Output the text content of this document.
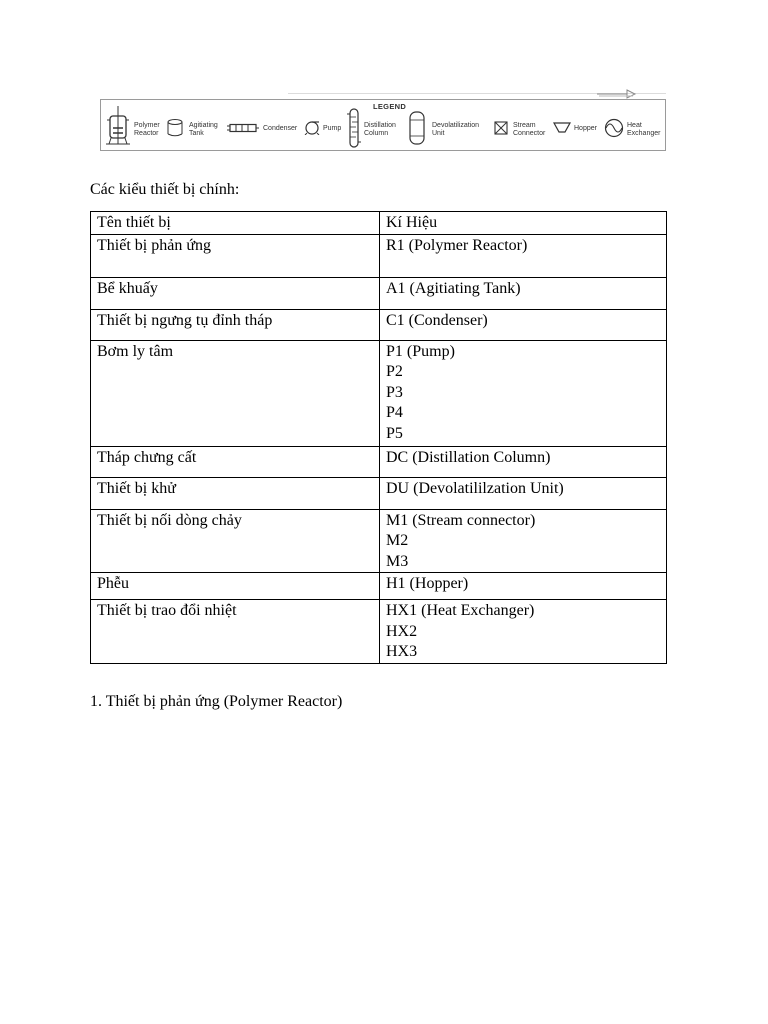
LEGEND
Polymer
Reactor
Agitiating
Tank
Condenser	Pump	Distillation
Column
Devolatilization
Unit
Stream
Connector
Hopper	Heat
Exchanger
Các kiểu thiết bị chính:
Tên thiết bị	Kí Hiệu
Thiết bị phản ứng	R1 (Polymer Reactor)

Bể khuấy	A1 (Agitiating Tank)

Thiết bị ngưng tụ đỉnh tháp	C1 (Condenser)

Bơm ly tâm	P1 (Pump)
P2
P3
P4
P5

Tháp chưng cất	DC (Distillation Column)

Thiết bị khử	DU (Devolatililzation Unit)

Thiết bị nối dòng chảy	M1 (Stream connector)
M2
M3

Phễu	H1 (Hopper)

Thiết bị trao đổi nhiệt	HX1 (Heat Exchanger)
HX2
HX3
1. Thiết bị phản ứng (Polymer Reactor)
